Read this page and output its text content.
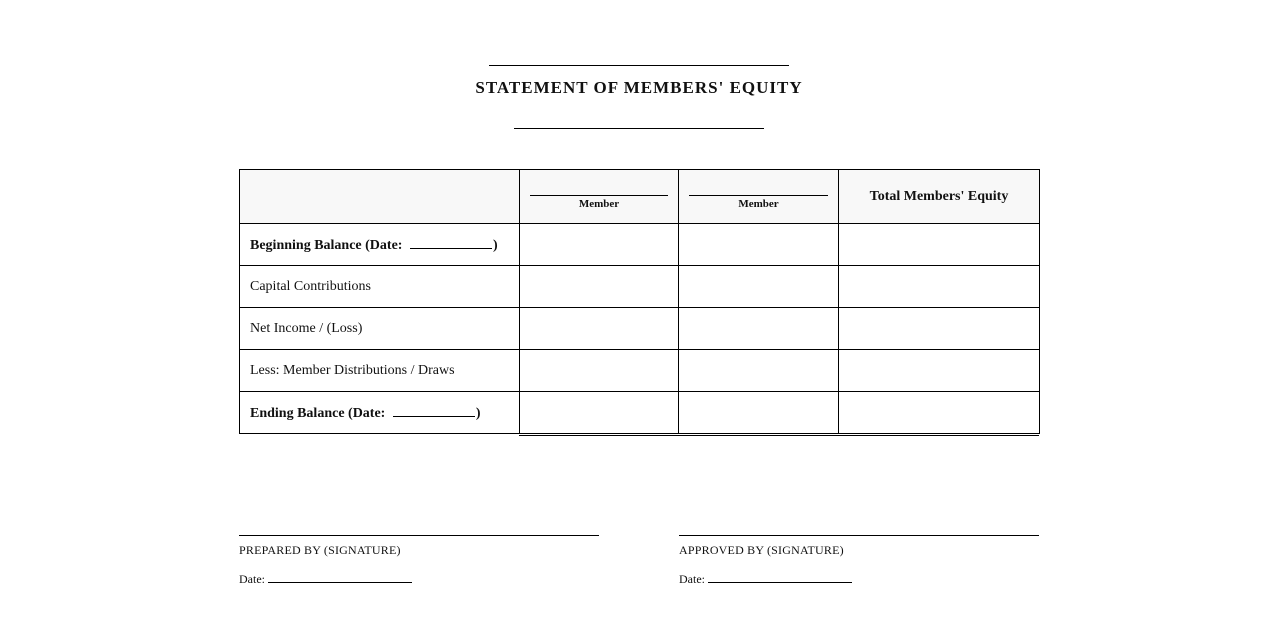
STATEMENT OF MEMBERS' EQUITY

	Member	Member	Total Members' Equity
Beginning Balance (Date: )			
Capital Contributions			
Net Income / (Loss)			
Less: Member Distributions / Draws			
Ending Balance (Date: )			
PREPARED BY (SIGNATURE)
Date:
APPROVED BY (SIGNATURE)
Date:
